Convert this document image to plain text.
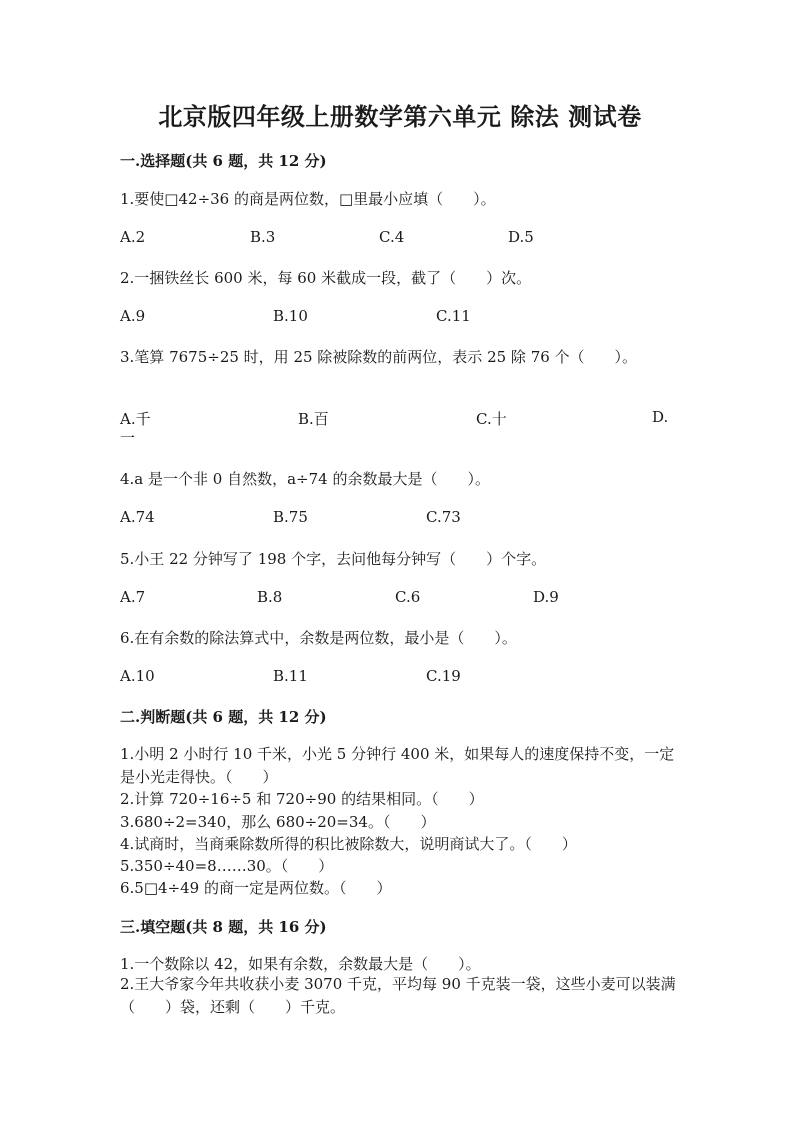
北京版四年级上册数学第六单元 除法 测试卷
一.选择题(共 6 题，共 12 分)
1.要使□42÷36 的商是两位数，□里最小应填（　　）。
A.2	B.3	C.4	D.5
2.一捆铁丝长 600 米，每 60 米截成一段，截了（　　）次。
A.9	B.10	C.11
3.笔算 7675÷25 时，用 25 除被除数的前两位，表示 25 除 76 个（　　）。
A.千	B.百	C.十	D.
一
4.a 是一个非 0 自然数，a÷74 的余数最大是（　　）。
A.74	B.75	C.73
5.小王 22 分钟写了 198 个字，去问他每分钟写（　　）个字。
A.7	B.8	C.6	D.9
6.在有余数的除法算式中，余数是两位数，最小是（　　）。
A.10	B.11	C.19
二.判断题(共 6 题，共 12 分)
1.小明 2 小时行 10 千米，小光 5 分钟行 400 米，如果每人的速度保持不变，一定是小光走得快。（　　）
2.计算 720÷16÷5 和 720÷90 的结果相同。（　　）
3.680÷2=340，那么 680÷20=34。（　　）
4.试商时，当商乘除数所得的积比被除数大，说明商试大了。（　　）
5.350÷40=8……30。（　　）
6.5□4÷49 的商一定是两位数。（　　）
三.填空题(共 8 题，共 16 分)
1.一个数除以 42，如果有余数，余数最大是（　　）。
2.王大爷家今年共收获小麦 3070 千克，平均每 90 千克装一袋，这些小麦可以装满（　　）袋，还剩（　　）千克。
